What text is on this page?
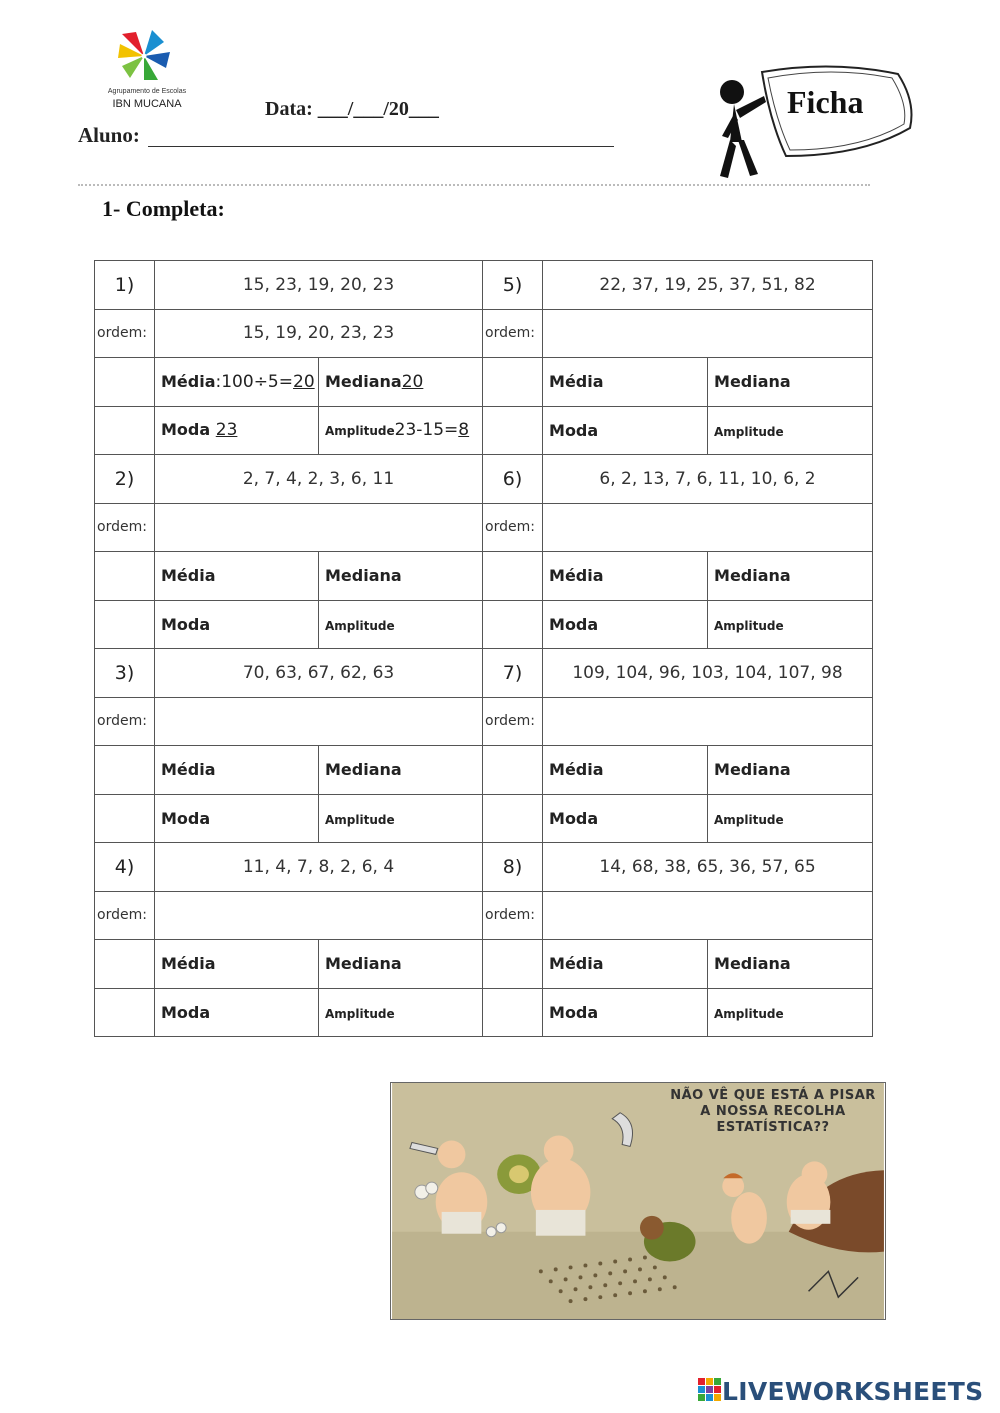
Agrupamento de Escolas
IBN MUCANA	Data: ___/___/20___
Aluno:
Ficha
1- Completa:
1)	15, 23, 19, 20, 23		5)	22, 37, 19, 25, 37, 51, 82	
ordem:	15, 19, 20, 23, 23		ordem:		
	Média:100÷5=20	Mediana20		Média	Mediana
	Moda 23	Amplitude23-15=8		Moda	Amplitude
2)	2, 7, 4, 2, 3, 6, 11		6)	6, 2, 13, 7, 6, 11, 10, 6, 2	
ordem:			ordem:		
	Média	Mediana		Média	Mediana
	Moda	Amplitude		Moda	Amplitude
3)	70, 63, 67, 62, 63		7)	109, 104, 96, 103, 104, 107, 98	
ordem:			ordem:		
	Média	Mediana		Média	Mediana
	Moda	Amplitude		Moda	Amplitude
4)	11, 4, 7, 8, 2, 6, 4		8)	14, 68, 38, 65, 36, 57, 65	
ordem:			ordem:		
	Média	Mediana		Média	Mediana
	Moda	Amplitude		Moda	Amplitude
NÃO VÊ QUE ESTÁ A PISAR A NOSSA RECOLHA ESTATÍSTICA??
LIVEWORKSHEETS
